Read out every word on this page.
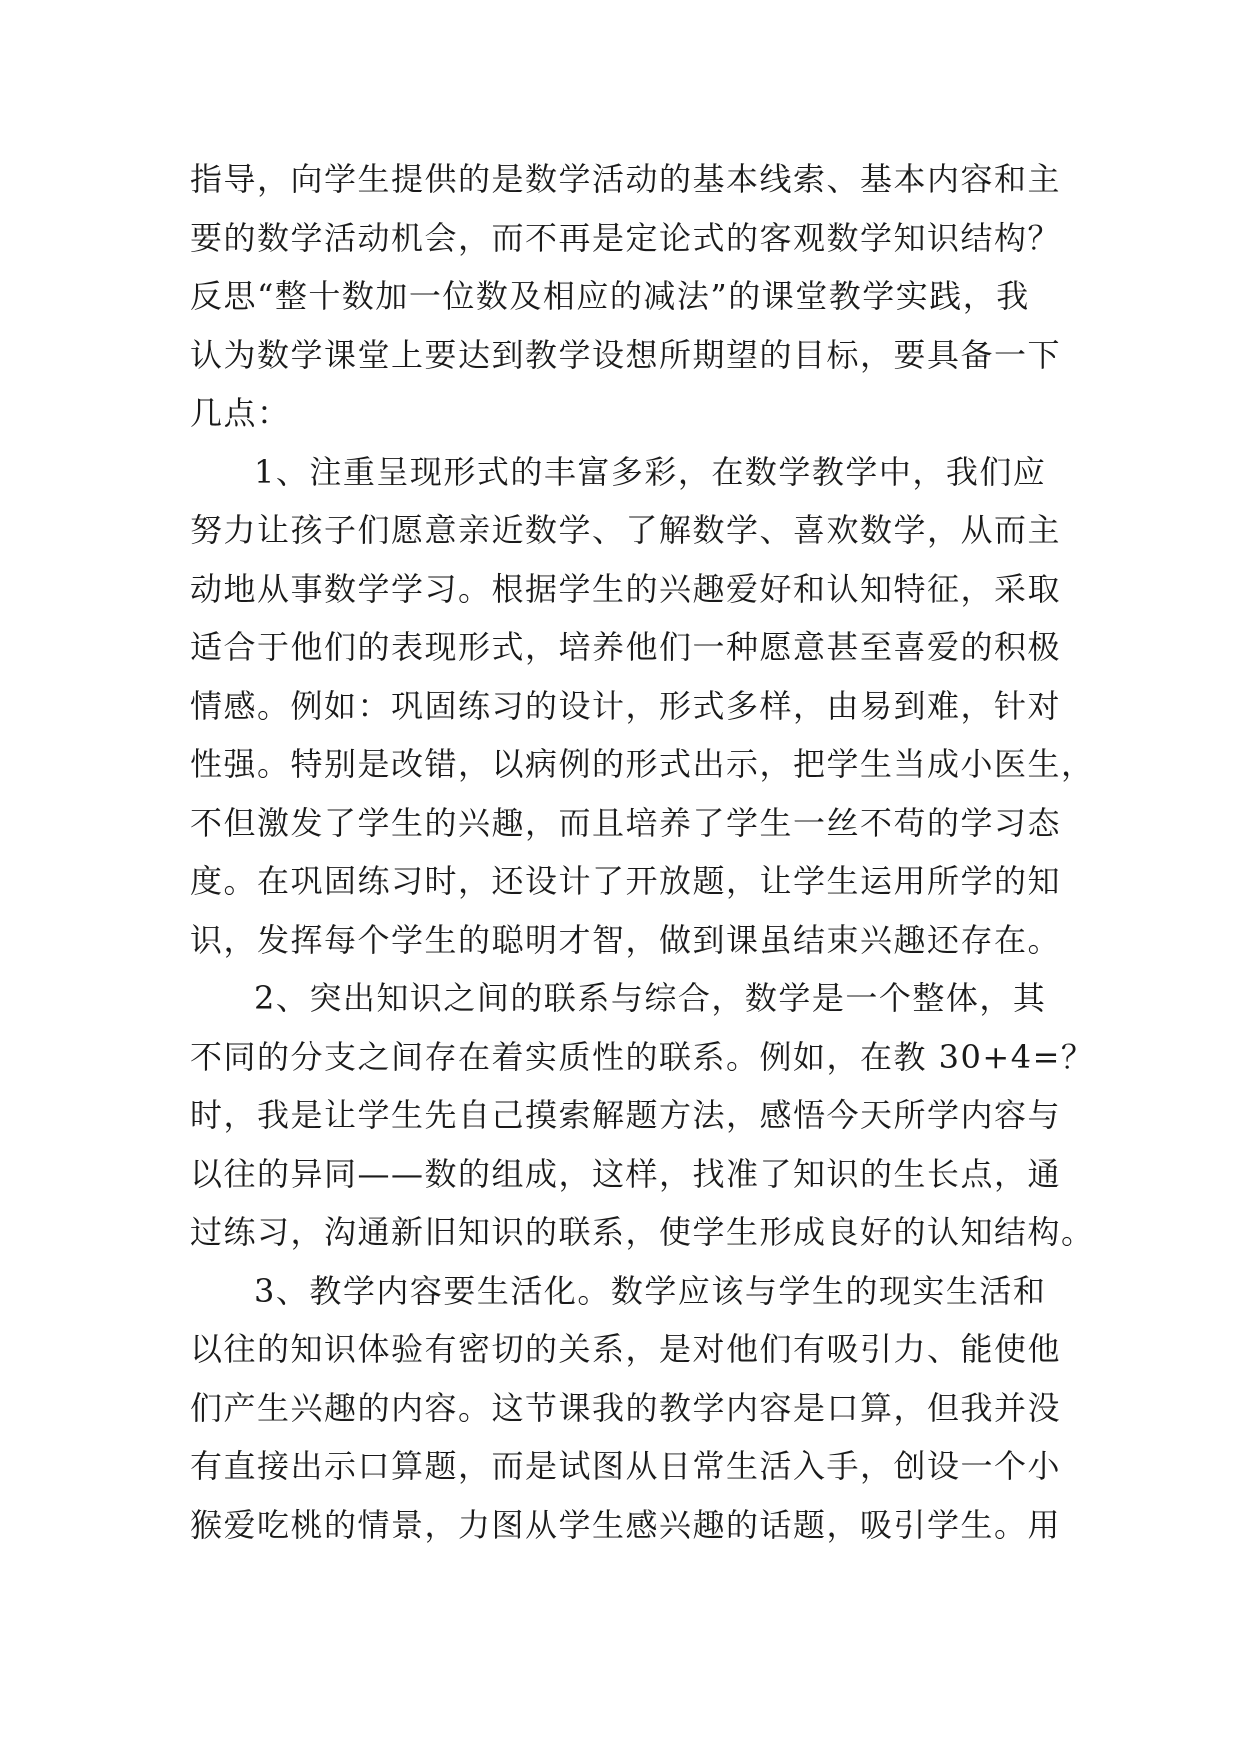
指导，向学生提供的是数学活动的基本线索、基本内容和主
要的数学活动机会，而不再是定论式的客观数学知识结构？
反思“整十数加一位数及相应的减法”的课堂教学实践，我
认为数学课堂上要达到教学设想所期望的目标，要具备一下
几点：
1、注重呈现形式的丰富多彩，在数学教学中，我们应
努力让孩子们愿意亲近数学、了解数学、喜欢数学，从而主
动地从事数学学习。根据学生的兴趣爱好和认知特征，采取
适合于他们的表现形式，培养他们一种愿意甚至喜爱的积极
情感。例如：巩固练习的设计，形式多样，由易到难，针对
性强。特别是改错，以病例的形式出示，把学生当成小医生，
不但激发了学生的兴趣，而且培养了学生一丝不苟的学习态
度。在巩固练习时，还设计了开放题，让学生运用所学的知
识，发挥每个学生的聪明才智，做到课虽结束兴趣还存在。
2、突出知识之间的联系与综合，数学是一个整体，其
不同的分支之间存在着实质性的联系。例如，在教 30+4=？
时，我是让学生先自己摸索解题方法，感悟今天所学内容与
以往的异同——数的组成，这样，找准了知识的生长点，通
过练习，沟通新旧知识的联系，使学生形成良好的认知结构。
3、教学内容要生活化。数学应该与学生的现实生活和
以往的知识体验有密切的关系，是对他们有吸引力、能使他
们产生兴趣的内容。这节课我的教学内容是口算，但我并没
有直接出示口算题，而是试图从日常生活入手，创设一个小
猴爱吃桃的情景，力图从学生感兴趣的话题，吸引学生。用
